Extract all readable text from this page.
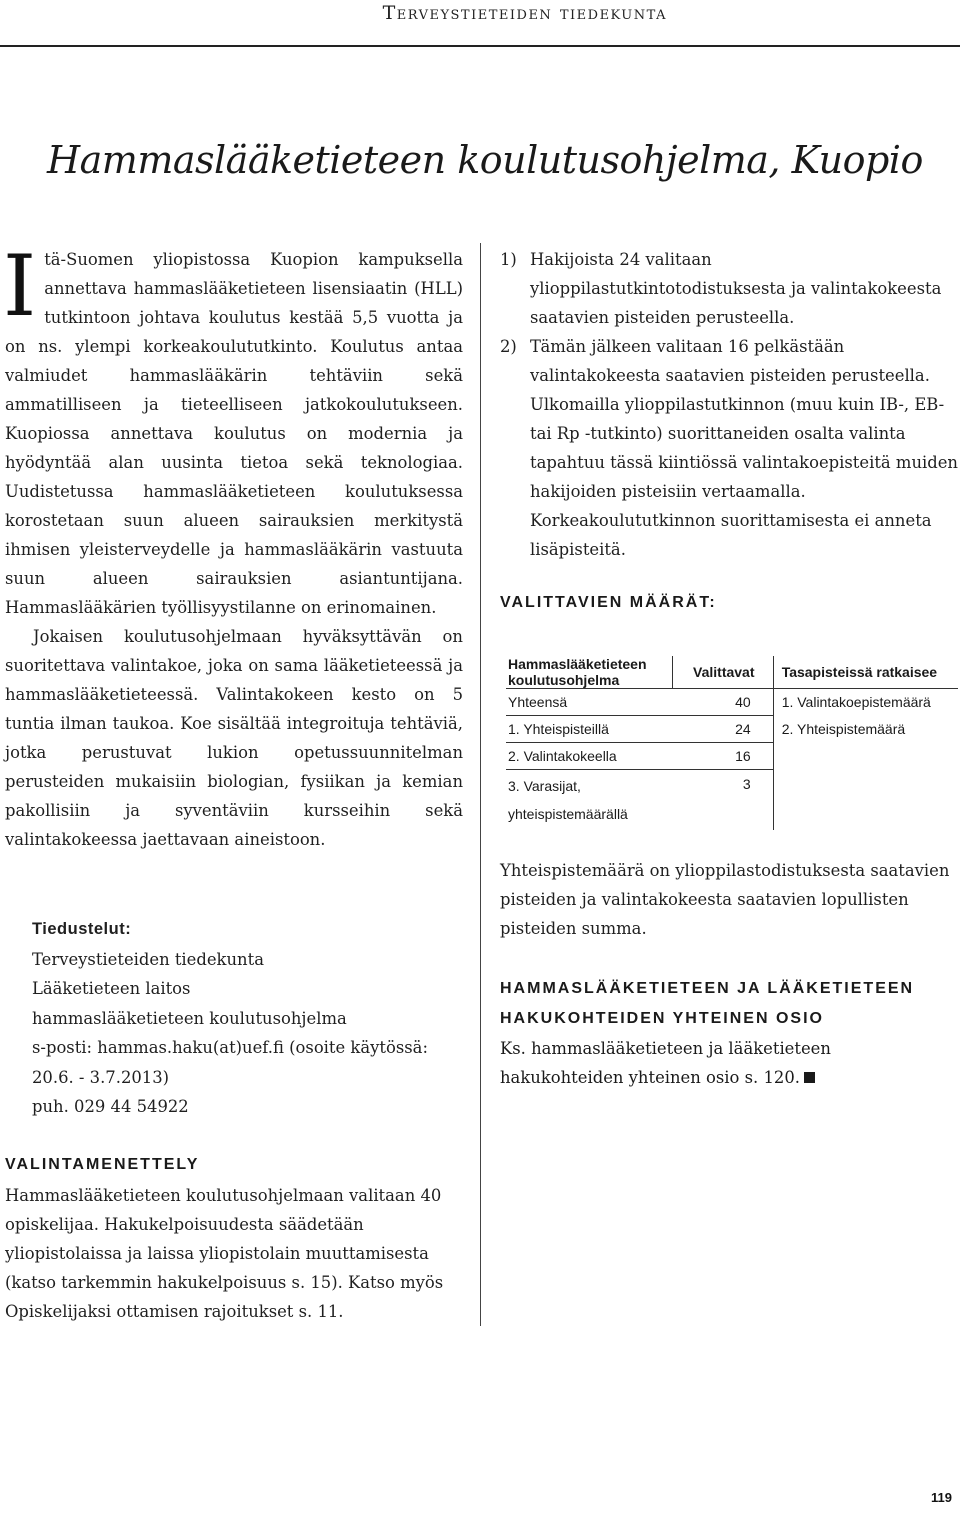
Terveystieteiden tiedekunta
Hammaslääketieteen koulutusohjelma, Kuopio

Itä-Suomen yliopistossa Kuopion kampuksella annettava hammaslääketieteen lisensiaatin (HLL) tutkintoon johtava koulutus kestää 5,5 vuotta ja on ns. ylempi korkeakoulututkinto. Koulutus antaa valmiudet hammaslääkärin tehtäviin sekä ammatilliseen ja tieteelliseen jatkokoulutukseen. Kuopiossa annettava koulutus on modernia ja hyödyntää alan uusinta tietoa sekä teknologiaa. Uudistetussa hammaslääketieteen koulutuksessa korostetaan suun alueen sairauksien merkitystä ihmisen yleisterveydelle ja hammaslääkärin vastuuta suun alueen sairauksien asiantuntijana. Hammaslääkärien työllisyystilanne on erinomainen.

Jokaisen koulutusohjelmaan hyväksyttävän on suoritettava valintakoe, joka on sama lääketieteessä ja hammaslääketieteessä. Valintakokeen kesto on 5 tuntia ilman taukoa. Koe sisältää integroituja tehtäviä, jotka perustuvat lukion opetussuunnitelman perusteiden mukaisiin biologian, fysiikan ja kemian pakollisiin ja syventäviin kursseihin sekä valintakokeessa jaettavaan aineistoon.

Tiedustelut:
Terveystieteiden tiedekunta
Lääketieteen laitos
hammaslääketieteen koulutusohjelma
s-posti: hammas.haku(at)uef.fi (osoite käytössä: 20.6. - 3.7.2013)
puh. 029 44 54922
VALINTAMENETTELY

Hammaslääketieteen koulutusohjelmaan valitaan 40 opiskelijaa. Hakukelpoisuudesta säädetään yliopistolaissa ja laissa yliopistolain muuttamisesta (katso tarkemmin hakukelpoisuus s. 15). Katso myös Opiskelijaksi ottamisen rajoitukset s. 11.

1) Hakijoista 24 valitaan ylioppilastutkintotodistuksesta ja valintakokeesta saatavien pisteiden perusteella.
2) Tämän jälkeen valitaan 16 pelkästään valintakokeesta saatavien pisteiden perusteella. Ulkomailla ylioppilastutkinnon (muu kuin IB-, EB- tai Rp -tutkinto) suorittaneiden osalta valinta tapahtuu tässä kiintiössä valintakoepisteitä muiden hakijoiden pisteisiin vertaamalla. Korkeakoulututkinnon suorittamisesta ei anneta lisäpisteitä.
VALITTAVIEN MÄÄRÄT:
Hammaslääketieteen koulutusohjelma	Valittavat	Tasapisteissä ratkaisee
Yhteensä	40	1. Valintakoepistemäärä
1. Yhteispisteillä	24	2. Yhteispistemäärä
2. Valintakokeella	16	
3. Varasijat, yhteispistemäärällä	3	

Yhteispistemäärä on ylioppilastodistuksesta saatavien pisteiden ja valintakokeesta saatavien lopullisten pisteiden summa.

HAMMASLÄÄKETIETEEN JA LÄÄKETIETEEN
HAKUKOHTEIDEN YHTEINEN OSIO

Ks. hammaslääketieteen ja lääketieteen hakukohteiden yhteinen osio s. 120.

119
